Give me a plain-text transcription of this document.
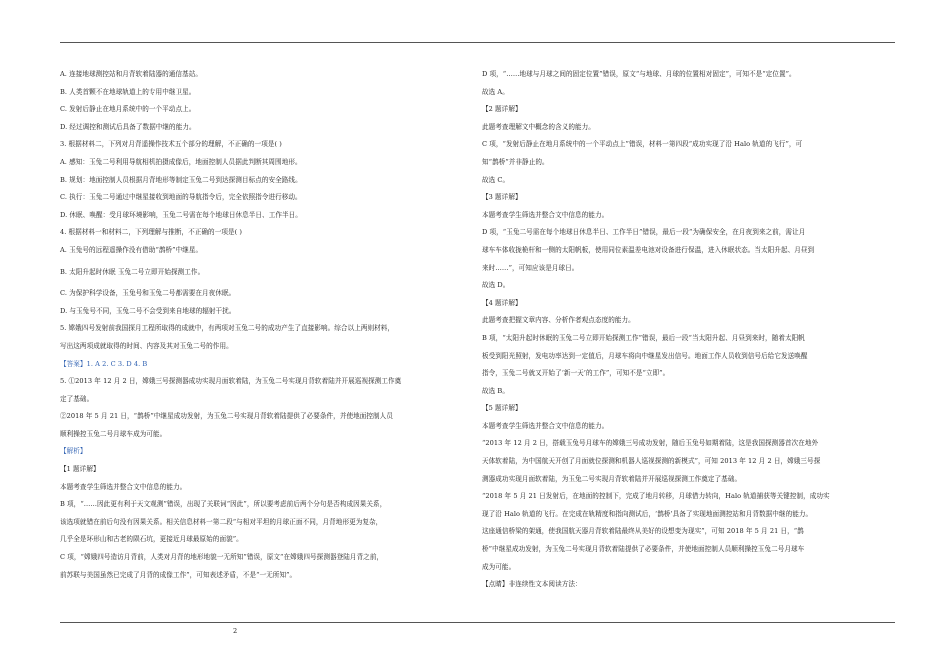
A. 连接地球测控站和月背软着陆器的通信基站。
B. 人类首颗不在地球轨道上的专用中继卫星。
C. 发射后静止在地月系统中的一个平动点上。
D. 经过调控和测试后具备了数据中继的能力。
3. 根据材料二，下列对月背遥操作技术五个部分的理解，不正确的一项是( )
A. 感知：玉兔二号利用导航相机拍摄成像后，地面控制人员据此判断其周围地形。
B. 规划：地面控制人员根据月背地形等制定玉兔二号到达探测目标点的安全路线。
C. 执行：玉兔二号通过中继星接收到地面的导航指令后，完全依照指令进行移动。
D. 休眠、唤醒：受月球环境影响，玉兔二号需在每个地球日休息半日、工作半日。
4. 根据材料一和材料二，下列理解与推断，不正确的一项是( )
A. 玉兔号的远程遥操作没有借助“鹊桥”中继星。
B. 太阳升起时休眠 玉兔二号立即开始探测工作。
C. 为保护科学设备，玉兔号和玉兔二号都需要在月夜休眠。
D. 与玉兔号不同，玉兔二号不会受到来自地球的辐射干扰。
5. 嫦娥四号发射前我国探月工程所取得的成就中，有两项对玉兔二号的成功产生了直接影响。综合以上两则材料，
写出这两项成就取得的时间、内容及其对玉兔二号的作用。
【答案】1. A 2. C 3. D 4. B
5. ①2013 年 12 月 2 日，嫦娥三号探测器成功实现月面软着陆，为玉兔二号实现月背软着陆并开展巡视探测工作奠
定了基础。
②2018 年 5 月 21 日，“鹊桥”中继星成功发射，为玉兔二号实现月背软着陆提供了必要条件，并使地面控制人员
顺利操控玉兔二号月球车成为可能。
【解析】
【1 题详解】
本题考查学生筛选并整合文中信息的能力。
B 项，“……因此更有利于天文观测”错误，出现了关联词“因此”，所以要考虑前后两个分句是否构成因果关系，
该选项就错在前后句没有因果关系。相关信息材料一第二段“与相对平坦的月球正面不同，月背地形更为复杂，
几乎全是环形山和古老的陨石坑，更接近月球最原始的面貌”。
C 项，“嫦娥四号造访月背前，人类对月背的地形地貌一无所知”错误，原文“在嫦娥四号探测器登陆月背之前，
前苏联与美国虽然已完成了月背的成像工作”，可知表述矛盾，不是“一无所知”。
D 项，“……地球与月球之间的固定位置”错误，原文“与地球、月球的位置相对固定”，可知不是“定位置”。
故选 A。
【2 题详解】
此题考查理解文中概念的含义的能力。
C 项，“发射后静止在地月系统中的一个平动点上”错误，材料一第四段“成功实现了沿 Halo 轨道的飞行”，可
知“鹊桥”并非静止的。
故选 C。
【3 题详解】
本题考查学生筛选并整合文中信息的能力。
D 项，“玉兔二号需在每个地球日休息半日、工作半日”错误，最后一段“为确保安全，在月夜到来之前，需让月
球车车体收拢桅杆和一侧的太阳帆板，使用同位素温差电池对设备进行保温，进入休眠状态。当太阳升起、月昼到
来时……”，可知应该是月球日。
故选 D。
【4 题详解】
此题考查把握文章内容、分析作者观点态度的能力。
B 项，“太阳升起时休眠的玉兔二号立即开始探测工作”错误，最后一段“当太阳升起、月昼到来时，随着太阳帆
板受到阳光照射，发电功率达到一定值后，月球车将向中继星发出信号。地面工作人员收到信号后给它发送唤醒
指令，玉兔二号就又开始了‘新一天’的工作”，可知不是“立即”。
故选 B。
【5 题详解】
本题考查学生筛选并整合文中信息的能力。
“2013 年 12 月 2 日，搭载玉兔号月球车的嫦娥三号成功发射，随后玉兔号如期着陆，这是我国探测器首次在地外
天体软着陆，为中国航天开创了月面就位探测和机器人巡视探测的新模式”，可知 2013 年 12 月 2 日，嫦娥三号探
测器成功实现月面软着陆，为玉兔二号实现月背软着陆并开展巡视探测工作奠定了基础。
“2018 年 5 月 21 日发射后，在地面的控制下，完成了地月转移，月球借力转向，Halo 轨道捕获等关键控制，成功实
现了沿 Halo 轨道的飞行。在完成在轨精度和指向测试后，‘鹊桥’具备了实现地面测控站和月背数据中继的能力。
这座通信桥梁的架通，使我国航天器月背软着陆最终从美好的设想变为现实”，可知 2018 年 5 月 21 日，“鹊
桥”中继星成功发射，为玉兔二号实现月背软着陆提供了必要条件，并使地面控制人员顺利操控玉兔二号月球车
成为可能。
【点睛】非连续性文本阅读方法：
2
